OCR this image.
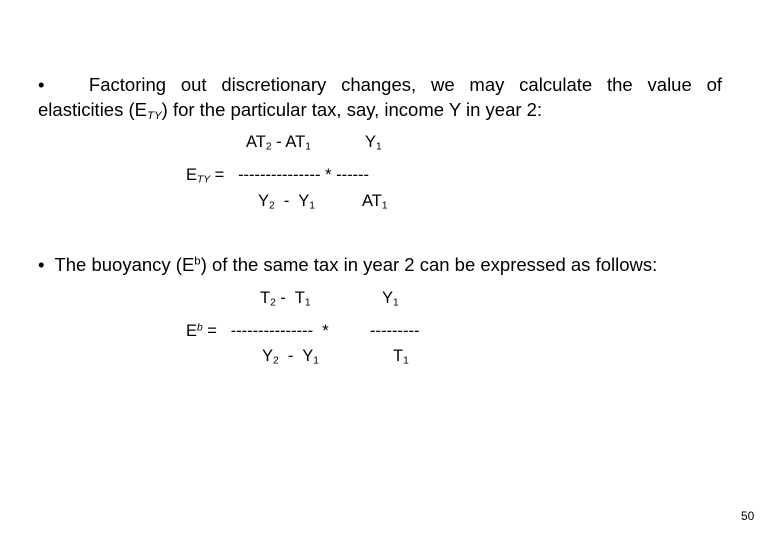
• Factoring out discretionary changes, we may calculate the value of
elasticities $(E_{TY})$ for the particular tax, say, income Y in year 2:
$AT_2 - AT_1$	$Y_1$
$E_{TY}$ =   --------------- * ------
$Y_2 - Y_1$	$AT_1$
• The buoyancy $(E^b)$ of the same tax in year 2 can be expressed as follows:
$T_2 - T_1$	$Y_1$
$E^b$ =   ---------------  *	---------
$Y_2 - Y_1$	$T_1$
50
